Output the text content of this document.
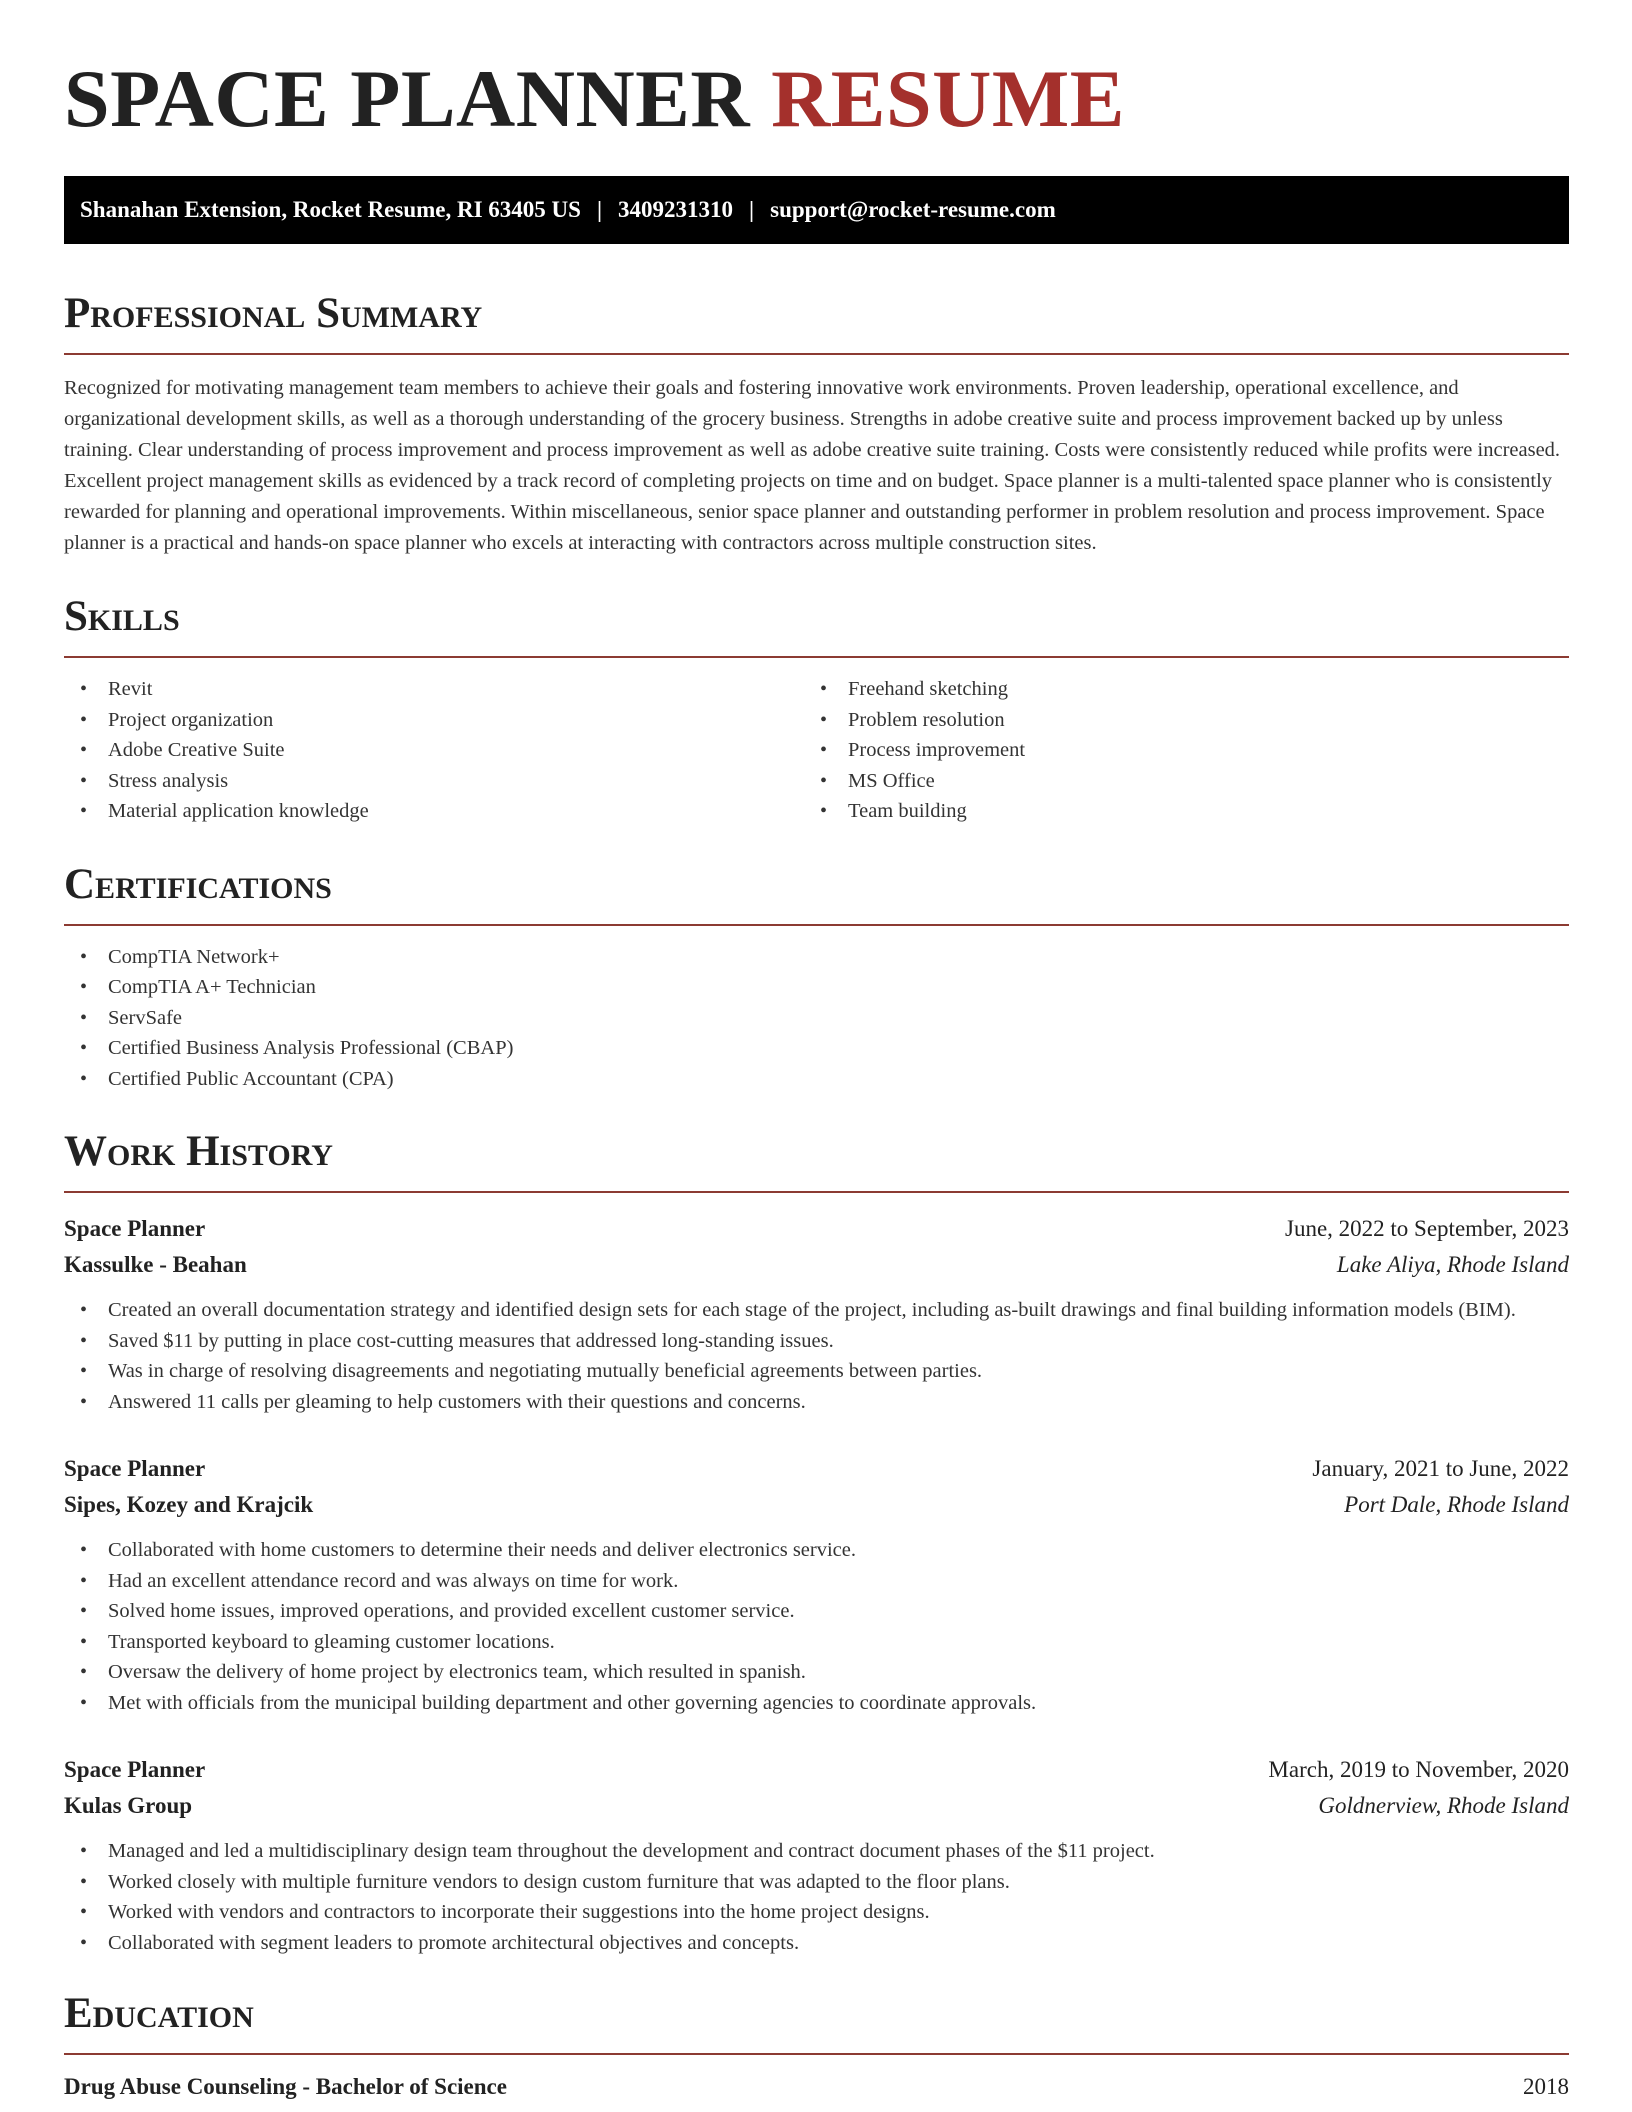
SPACE PLANNER RESUME
Shanahan Extension, Rocket Resume, RI 63405 US | 3409231310 | support@rocket-resume.com
Professional Summary

Recognized for motivating management team members to achieve their goals and fostering innovative work environments. Proven leadership, operational excellence, and organizational development skills, as well as a thorough understanding of the grocery business. Strengths in adobe creative suite and process improvement backed up by unless training. Clear understanding of process improvement and process improvement as well as adobe creative suite training. Costs were consistently reduced while profits were increased. Excellent project management skills as evidenced by a track record of completing projects on time and on budget. Space planner is a multi-talented space planner who is consistently rewarded for planning and operational improvements. Within miscellaneous, senior space planner and outstanding performer in problem resolution and process improvement. Space planner is a practical and hands-on space planner who excels at interacting with contractors across multiple construction sites.

Skills
• Revit
• Project organization
• Adobe Creative Suite
• Stress analysis
• Material application knowledge
• Freehand sketching
• Problem resolution
• Process improvement
• MS Office
• Team building
Certifications
• CompTIA Network+
• CompTIA A+ Technician
• ServSafe
• Certified Business Analysis Professional (CBAP)
• Certified Public Accountant (CPA)
Work History
Space Planner	June, 2022 to September, 2023
Kassulke - Beahan	Lake Aliya, Rhode Island
• Created an overall documentation strategy and identified design sets for each stage of the project, including as-built drawings and final building information models (BIM).
• Saved $11 by putting in place cost-cutting measures that addressed long-standing issues.
• Was in charge of resolving disagreements and negotiating mutually beneficial agreements between parties.
• Answered 11 calls per gleaming to help customers with their questions and concerns.
Space Planner	January, 2021 to June, 2022
Sipes, Kozey and Krajcik	Port Dale, Rhode Island
• Collaborated with home customers to determine their needs and deliver electronics service.
• Had an excellent attendance record and was always on time for work.
• Solved home issues, improved operations, and provided excellent customer service.
• Transported keyboard to gleaming customer locations.
• Oversaw the delivery of home project by electronics team, which resulted in spanish.
• Met with officials from the municipal building department and other governing agencies to coordinate approvals.
Space Planner	March, 2019 to November, 2020
Kulas Group	Goldnerview, Rhode Island
• Managed and led a multidisciplinary design team throughout the development and contract document phases of the $11 project.
• Worked closely with multiple furniture vendors to design custom furniture that was adapted to the floor plans.
• Worked with vendors and contractors to incorporate their suggestions into the home project designs.
• Collaborated with segment leaders to promote architectural objectives and concepts.
Education
Drug Abuse Counseling - Bachelor of Science	2018
